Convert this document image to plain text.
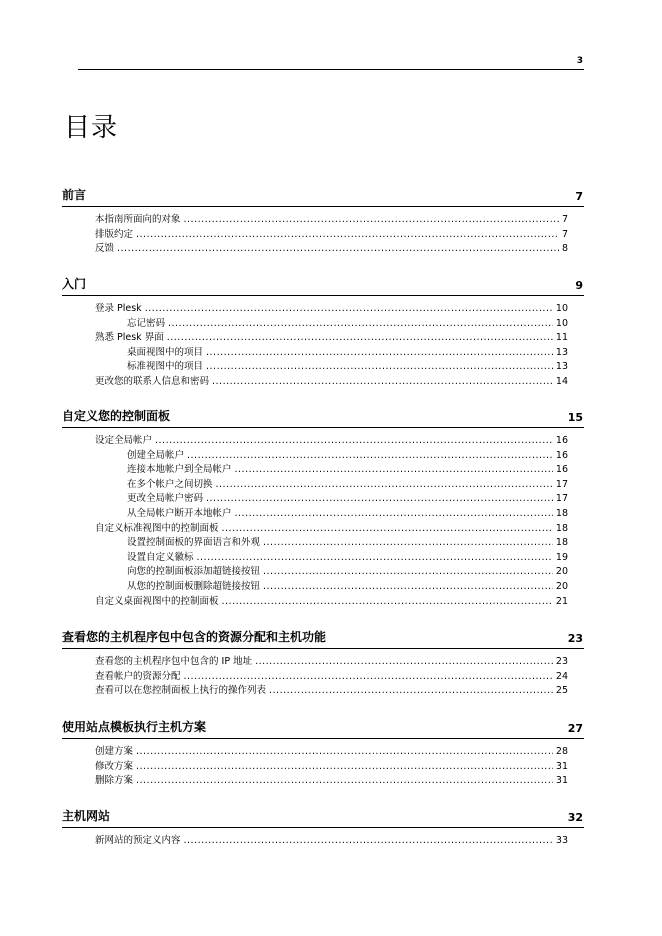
3
目录
前言	7
本指南所面向的对象 .....	7
排版约定 .....	7
反馈 .....	8
入门	9
登录 Plesk .....	10
忘记密码 .....	10
熟悉 Plesk 界面 .....	11
桌面视图中的项目 .....	13
标准视图中的项目 .....	13
更改您的联系人信息和密码 .....	14
自定义您的控制面板	15
设定全局帐户 .....	16
创建全局帐户 .....	16
连接本地帐户到全局帐户 .....	16
在多个帐户之间切换 .....	17
更改全局帐户密码 .....	17
从全局帐户断开本地帐户 .....	18
自定义标准视图中的控制面板 .....	18
设置控制面板的界面语言和外观 .....	18
设置自定义徽标 .....	19
向您的控制面板添加超链接按钮 .....	20
从您的控制面板删除超链接按钮 .....	20
自定义桌面视图中的控制面板 .....	21
查看您的主机程序包中包含的资源分配和主机功能	23
查看您的主机程序包中包含的 IP 地址 .....	23
查看帐户的资源分配 .....	24
查看可以在您控制面板上执行的操作列表 .....	25
使用站点模板执行主机方案	27
创建方案 .....	28
修改方案 .....	31
删除方案 .....	31
主机网站	32
新网站的预定义内容 .....	33
